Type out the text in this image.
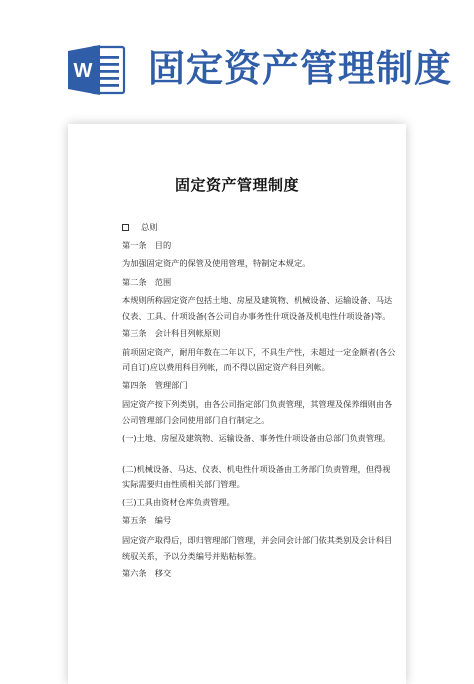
W 固定资产管理制度
固定资产管理制度
总则
第一条　目的
为加强固定资产的保管及使用管理，特制定本规定。
第二条　范围
本规则所称固定资产包括土地、房屋及建筑物、机械设备、运输设备、马达
仪表、工具、什项设备(各公司自办事务性什项设备及机电性什项设备)等。
第三条　会计科目列帐原则
前项固定资产，耐用年数在二年以下，不具生产性，未超过一定金额者(各公
司自订)应以费用科目列帐，而不得以固定资产科目列帐。
第四条　管理部门
固定资产按下列类别，由各公司指定部门负责管理，其管理及保养细则由各
公司管理部门会同使用部门自行制定之。
(一)土地、房屋及建筑物、运输设备、事务性什项设备由总部门负责管理。
(二)机械设备、马达、仪表、机电性什项设备由工务部门负责管理，但得视
实际需要归由性质相关部门管理。
(三)工具由资材仓库负责管理。
第五条　编号
固定资产取得后，即归管理部门管理，并会同会计部门依其类别及会计科目
统驭关系，予以分类编号并贴粘标签。
第六条　移交
